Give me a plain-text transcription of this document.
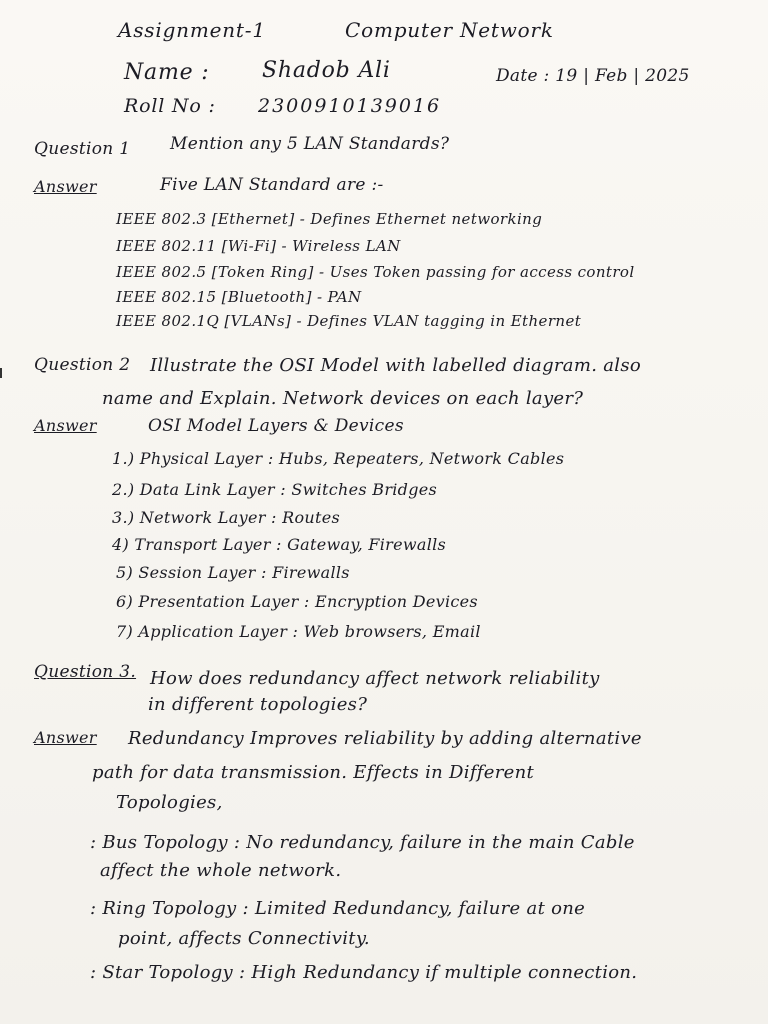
Assignment-1	Computer Network
Name : Shadob Ali	Date : 19 | Feb | 2025
Roll No : 2300910139016
Question 1 Mention any 5 LAN Standards?
Answer	Five LAN Standard are :-
IEEE 802.3 [Ethernet] - Defines Ethernet networking
IEEE 802.11 [Wi-Fi] - Wireless LAN
IEEE 802.5 [Token Ring] - Uses Token passing for access control
IEEE 802.15 [Bluetooth] - PAN
IEEE 802.1Q [VLANs] - Defines VLAN tagging in Ethernet
Question 2 Illustrate the OSI Model with labelled diagram. also
name and Explain. Network devices on each layer?
Answer	OSI Model Layers & Devices
1.) Physical Layer : Hubs, Repeaters, Network Cables
2.) Data Link Layer : Switches Bridges
3.) Network Layer : Routes
4) Transport Layer : Gateway, Firewalls
5) Session Layer : Firewalls
6) Presentation Layer : Encryption Devices
7) Application Layer : Web browsers, Email
Question 3. How does redundancy affect network reliability
in different topologies?
Answer Redundancy Improves reliability by adding alternative
path for data transmission. Effects in Different
Topologies,
: Bus Topology : No redundancy, failure in the main Cable
affect the whole network.
: Ring Topology : Limited Redundancy, failure at one
point, affects Connectivity.
: Star Topology : High Redundancy if multiple connection.
